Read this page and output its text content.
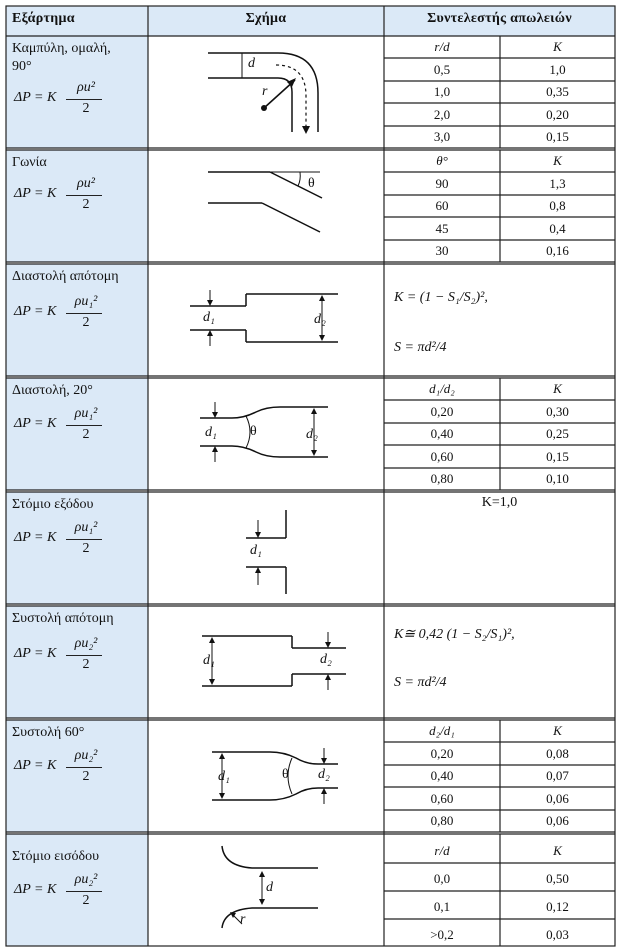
Εξάρτημα	Σχήμα	Συντελεστής απωλειών
Καμπύλη, ομαλή,
90°
ΔP = K
ρu²
2
r/d	K
0,5	1,0
1,0	0,35
2,0	0,20
3,0	0,15
d
r
Γωνία
ΔP = K
ρu²
2
θ°	K
90	1,3
60	0,8
45	0,4
30	0,16
θ
Διαστολή απότομη
ΔP = K
ρu₁²
2
K = (1 − S₁/S₂)²,
S = πd²/4
d₁	d₂
Διαστολή, 20°
ΔP = K
ρu₁²
2
d₁/d₂	K
0,20	0,30
0,40	0,25
0,60	0,15
0,80	0,10
d₁ θ	d₂
Στόμιο εξόδου
ΔP = K
ρu₁²
2
K=1,0
d₁
Συστολή απότομη
ΔP = K
ρu₂²
2
K≅ 0,42 (1 − S₂/S₁)²,
S = πd²/4
d₁	d₂
Συστολή 60°
ΔP = K
ρu₂²
2
d₂/d₁	K
0,20	0,08
0,40	0,07
0,60	0,06
0,80	0,06
d₁	θ d₂
Στόμιο εισόδου
ΔP = K
ρu₂²
2
r/d	K
0,0	0,50
0,1	0,12
>0,2	0,03
d
r
